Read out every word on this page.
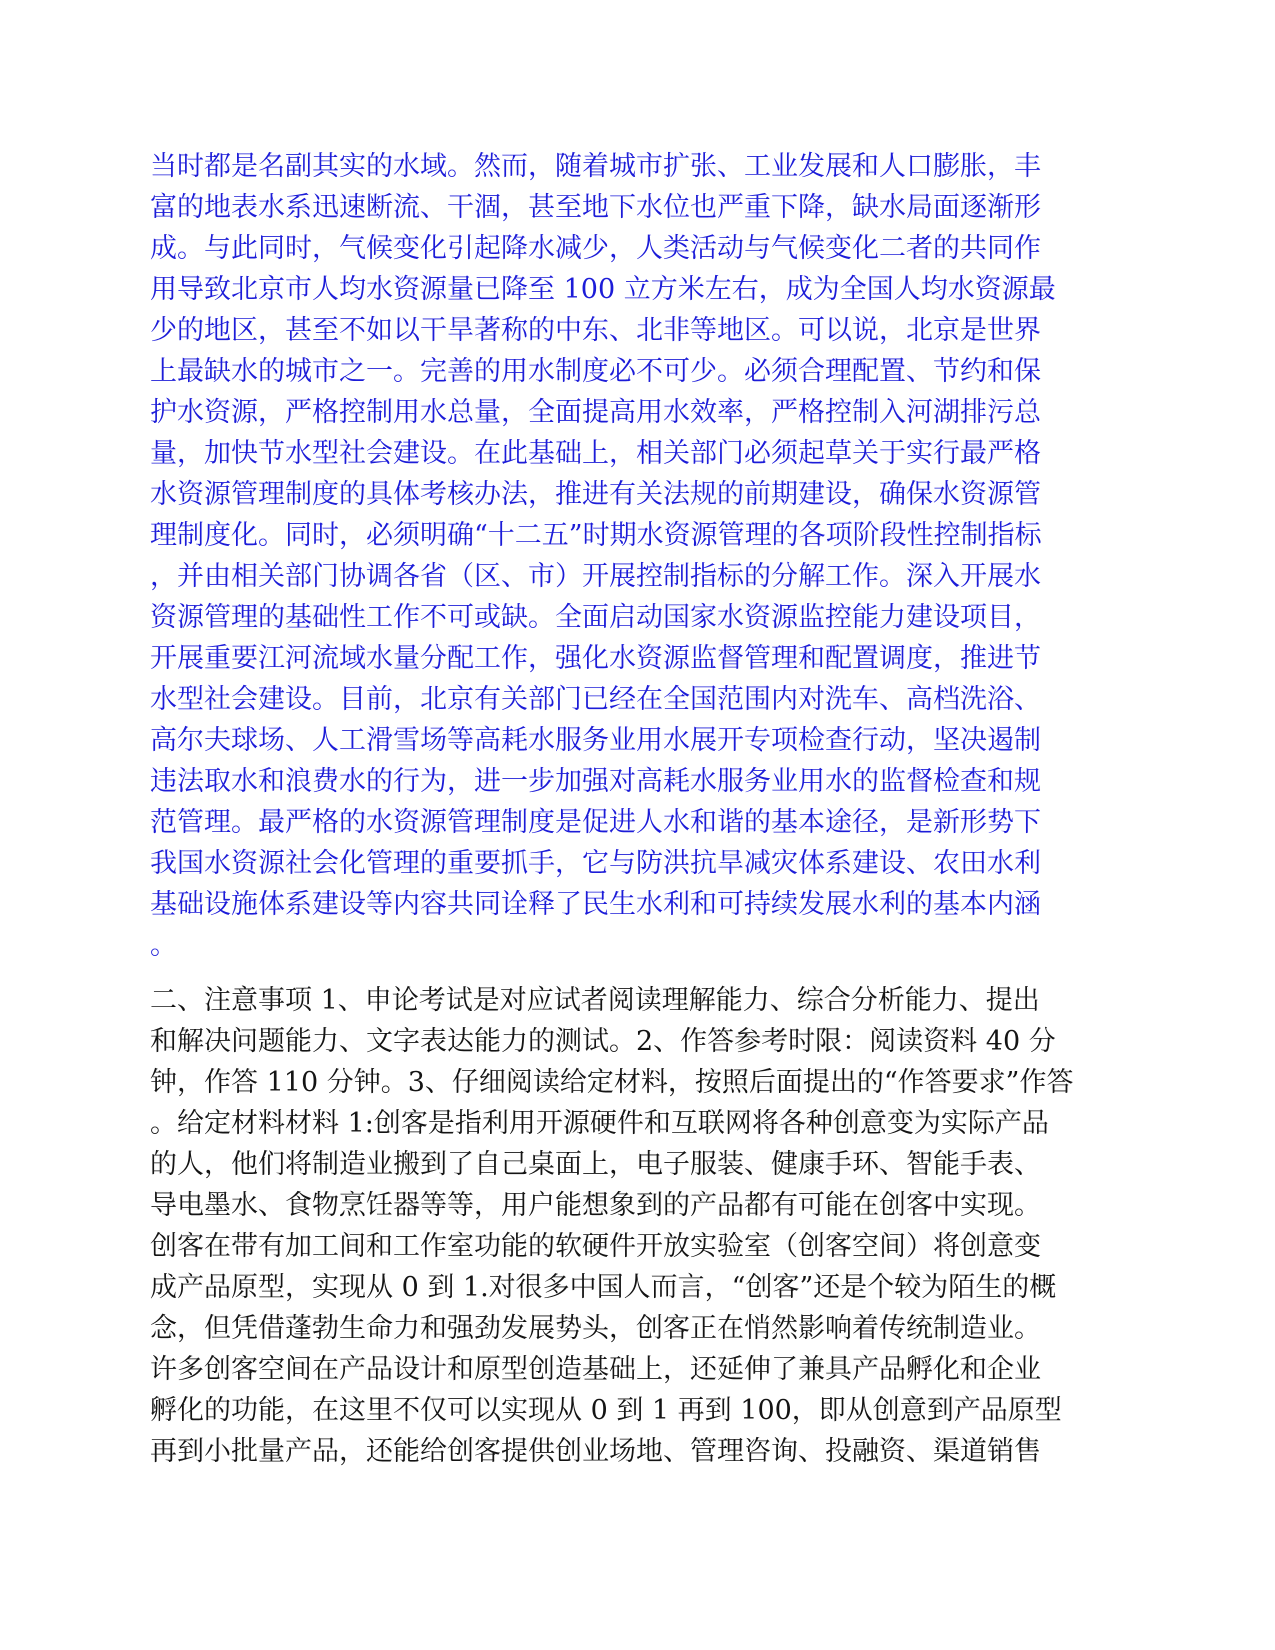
当时都是名副其实的水域。然而，随着城市扩张、工业发展和人口膨胀，丰
富的地表水系迅速断流、干涸，甚至地下水位也严重下降，缺水局面逐渐形
成。与此同时，气候变化引起降水减少，人类活动与气候变化二者的共同作
用导致北京市人均水资源量已降至 100 立方米左右，成为全国人均水资源最
少的地区，甚至不如以干旱著称的中东、北非等地区。可以说，北京是世界
上最缺水的城市之一。完善的用水制度必不可少。必须合理配置、节约和保
护水资源，严格控制用水总量，全面提高用水效率，严格控制入河湖排污总
量，加快节水型社会建设。在此基础上，相关部门必须起草关于实行最严格
水资源管理制度的具体考核办法，推进有关法规的前期建设，确保水资源管
理制度化。同时，必须明确“十二五”时期水资源管理的各项阶段性控制指标
，并由相关部门协调各省（区、市）开展控制指标的分解工作。深入开展水
资源管理的基础性工作不可或缺。全面启动国家水资源监控能力建设项目，
开展重要江河流域水量分配工作，强化水资源监督管理和配置调度，推进节
水型社会建设。目前，北京有关部门已经在全国范围内对洗车、高档洗浴、
高尔夫球场、人工滑雪场等高耗水服务业用水展开专项检查行动，坚决遏制
违法取水和浪费水的行为，进一步加强对高耗水服务业用水的监督检查和规
范管理。最严格的水资源管理制度是促进人水和谐的基本途径，是新形势下
我国水资源社会化管理的重要抓手，它与防洪抗旱减灾体系建设、农田水利
基础设施体系建设等内容共同诠释了民生水利和可持续发展水利的基本内涵
。
二、注意事项 1、申论考试是对应试者阅读理解能力、综合分析能力、提出
和解决问题能力、文字表达能力的测试。2、作答参考时限：阅读资料 40 分
钟，作答 110 分钟。3、仔细阅读给定材料，按照后面提出的“作答要求”作答
。给定材料材料 1:创客是指利用开源硬件和互联网将各种创意变为实际产品
的人，他们将制造业搬到了自己桌面上，电子服装、健康手环、智能手表、
导电墨水、食物烹饪器等等，用户能想象到的产品都有可能在创客中实现。
创客在带有加工间和工作室功能的软硬件开放实验室（创客空间）将创意变
成产品原型，实现从 0 到 1.对很多中国人而言，“创客”还是个较为陌生的概
念，但凭借蓬勃生命力和强劲发展势头，创客正在悄然影响着传统制造业。
许多创客空间在产品设计和原型创造基础上，还延伸了兼具产品孵化和企业
孵化的功能，在这里不仅可以实现从 0 到 1 再到 100，即从创意到产品原型
再到小批量产品，还能给创客提供创业场地、管理咨询、投融资、渠道销售
